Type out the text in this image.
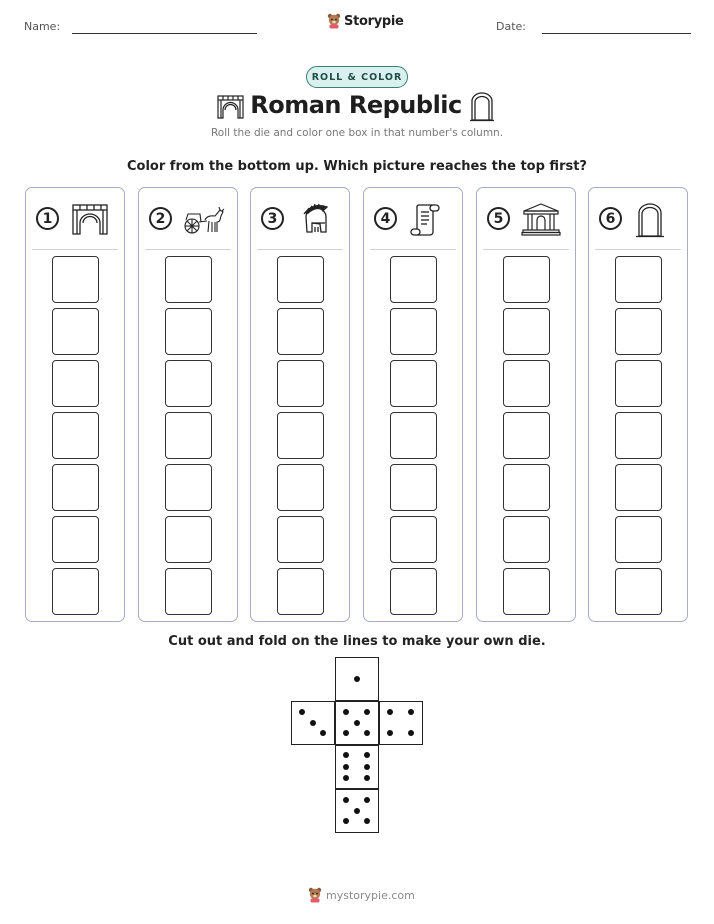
Name:	Storypie	Date:
ROLL & COLOR
Roman Republic
Roll the die and color one box in that number's column.
Color from the bottom up. Which picture reaches the top first?
1	2	3	4	5	6
Cut out and fold on the lines to make your own die.
mystorypie.com
